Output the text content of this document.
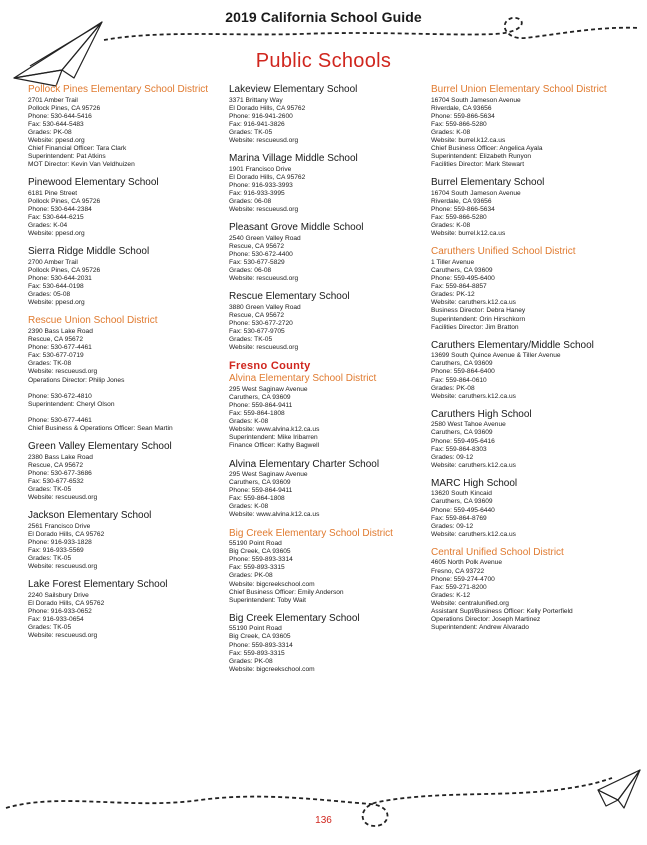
2019 California School Guide
Public Schools
Pollock Pines Elementary School District
2701 Amber Trail
Pollock Pines, CA 95726
Phone: 530-644-5416
Fax: 530-644-5483
Grades: PK-08
Website: ppesd.org
Chief Financial Officer: Tara Clark
Superintendent: Pat Atkins
MOT Director: Kevin Van Veldhuizen
Pinewood Elementary School
6181 Pine Street
Pollock Pines, CA 95726
Phone: 530-644-2384
Fax: 530-644-6215
Grades: K-04
Website: ppesd.org
Sierra Ridge Middle School
2700 Amber Trail
Pollock Pines, CA 95726
Phone: 530-644-2031
Fax: 530-644-0198
Grades: 05-08
Website: ppesd.org
Rescue Union School District
2390 Bass Lake Road
Rescue, CA 95672
Phone: 530-677-4461
Fax: 530-677-0719
Grades: TK-08
Website: rescueusd.org
Operations Director: Philip Jones
Phone: 530-672-4810
Superintendent: Cheryl Olson
Phone: 530-677-4461
Chief Business & Operations Officer: Sean Martin
Green Valley Elementary School
2380 Bass Lake Road
Rescue, CA 95672
Phone: 530-677-3686
Fax: 530-677-6532
Grades: TK-05
Website: rescueusd.org
Jackson Elementary School
2561 Francisco Drive
El Dorado Hills, CA 95762
Phone: 916-933-1828
Fax: 916-933-5569
Grades: TK-05
Website: rescueusd.org
Lake Forest Elementary School
2240 Sailsbury Drive
El Dorado Hills, CA 95762
Phone: 916-933-0652
Fax: 916-933-0654
Grades: TK-05
Website: rescueusd.org
Lakeview Elementary School
3371 Brittany Way
El Dorado Hills, CA 95762
Phone: 916-941-2600
Fax: 916-941-3826
Grades: TK-05
Website: rescueusd.org
Marina Village Middle School
1901 Francisco Drive
El Dorado Hills, CA 95762
Phone: 916-933-3993
Fax: 916-933-3995
Grades: 06-08
Website: rescueusd.org
Pleasant Grove Middle School
2540 Green Valley Road
Rescue, CA 95672
Phone: 530-672-4400
Fax: 530-677-5829
Grades: 06-08
Website: rescueusd.org
Rescue Elementary School
3880 Green Valley Road
Rescue, CA 95672
Phone: 530-677-2720
Fax: 530-677-9705
Grades: TK-05
Website: rescueusd.org
Fresno County
Alvina Elementary School District
295 West Saginaw Avenue
Caruthers, CA 93609
Phone: 559-864-9411
Fax: 559-864-1808
Grades: K-08
Website: www.alvina.k12.ca.us
Superintendent: Mike Iribarren
Finance Officer: Kathy Bagwell
Alvina Elementary Charter School
295 West Saginaw Avenue
Caruthers, CA 93609
Phone: 559-864-9411
Fax: 559-864-1808
Grades: K-08
Website: www.alvina.k12.ca.us
Big Creek Elementary School District
55190 Point Road
Big Creek, CA 93605
Phone: 559-893-3314
Fax: 559-893-3315
Grades: PK-08
Website: bigcreekschool.com
Chief Business Officer: Emily Anderson
Superintendent: Toby Wait
Big Creek Elementary School
55190 Point Road
Big Creek, CA 93605
Phone: 559-893-3314
Fax: 559-893-3315
Grades: PK-08
Website: bigcreekschool.com
Burrel Union Elementary School District
16704 South Jameson Avenue
Riverdale, CA 93656
Phone: 559-866-5634
Fax: 559-866-5280
Grades: K-08
Website: burrel.k12.ca.us
Chief Business Officer: Angelica Ayala
Superintendent: Elizabeth Runyon
Facilities Director: Mark Stewart
Burrel Elementary School
16704 South Jameson Avenue
Riverdale, CA 93656
Phone: 559-866-5634
Fax: 559-866-5280
Grades: K-08
Website: burrel.k12.ca.us
Caruthers Unified School District
1 Tiller Avenue
Caruthers, CA 93609
Phone: 559-495-6400
Fax: 559-864-8857
Grades: PK-12
Website: caruthers.k12.ca.us
Business Director: Debra Haney
Superintendent: Orin Hirschkorn
Facilities Director: Jim Bratton
Caruthers Elementary/Middle School
13699 South Quince Avenue & Tiller Avenue
Caruthers, CA 93609
Phone: 559-864-6400
Fax: 559-864-0610
Grades: PK-08
Website: caruthers.k12.ca.us
Caruthers High School
2580 West Tahoe Avenue
Caruthers, CA 93609
Phone: 559-495-6416
Fax: 559-864-8303
Grades: 09-12
Website: caruthers.k12.ca.us
MARC High School
13620 South Kincaid
Caruthers, CA 93609
Phone: 559-495-6440
Fax: 559-864-8769
Grades: 09-12
Website: caruthers.k12.ca.us
Central Unified School District
4605 North Polk Avenue
Fresno, CA 93722
Phone: 559-274-4700
Fax: 559-271-8200
Grades: K-12
Website: centralunified.org
Assistant Supt/Business Officer: Kelly Porterfield
Operations Director: Joseph Martinez
Superintendent: Andrew Alvarado
136
